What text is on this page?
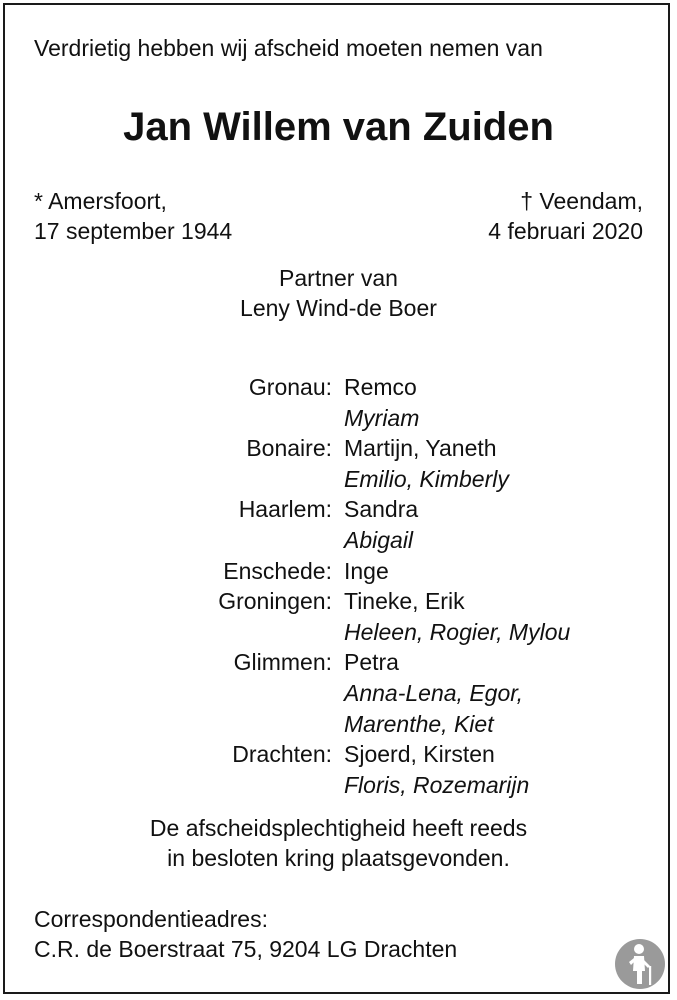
Verdrietig hebben wij afscheid moeten nemen van
Jan Willem van Zuiden
* Amersfoort,
17 september 1944
† Veendam,
4 februari 2020
Partner van
Leny Wind-de Boer
Gronau: Remco
Myriam
Bonaire: Martijn, Yaneth
Emilio, Kimberly
Haarlem: Sandra
Abigail
Enschede: Inge
Groningen: Tineke, Erik
Heleen, Rogier, Mylou
Glimmen: Petra
Anna-Lena, Egor,
Marenthe, Kiet
Drachten: Sjoerd, Kirsten
Floris, Rozemarijn
De afscheidsplechtigheid heeft reeds
in besloten kring plaatsgevonden.
Correspondentieadres:
C.R. de Boerstraat 75, 9204 LG Drachten
